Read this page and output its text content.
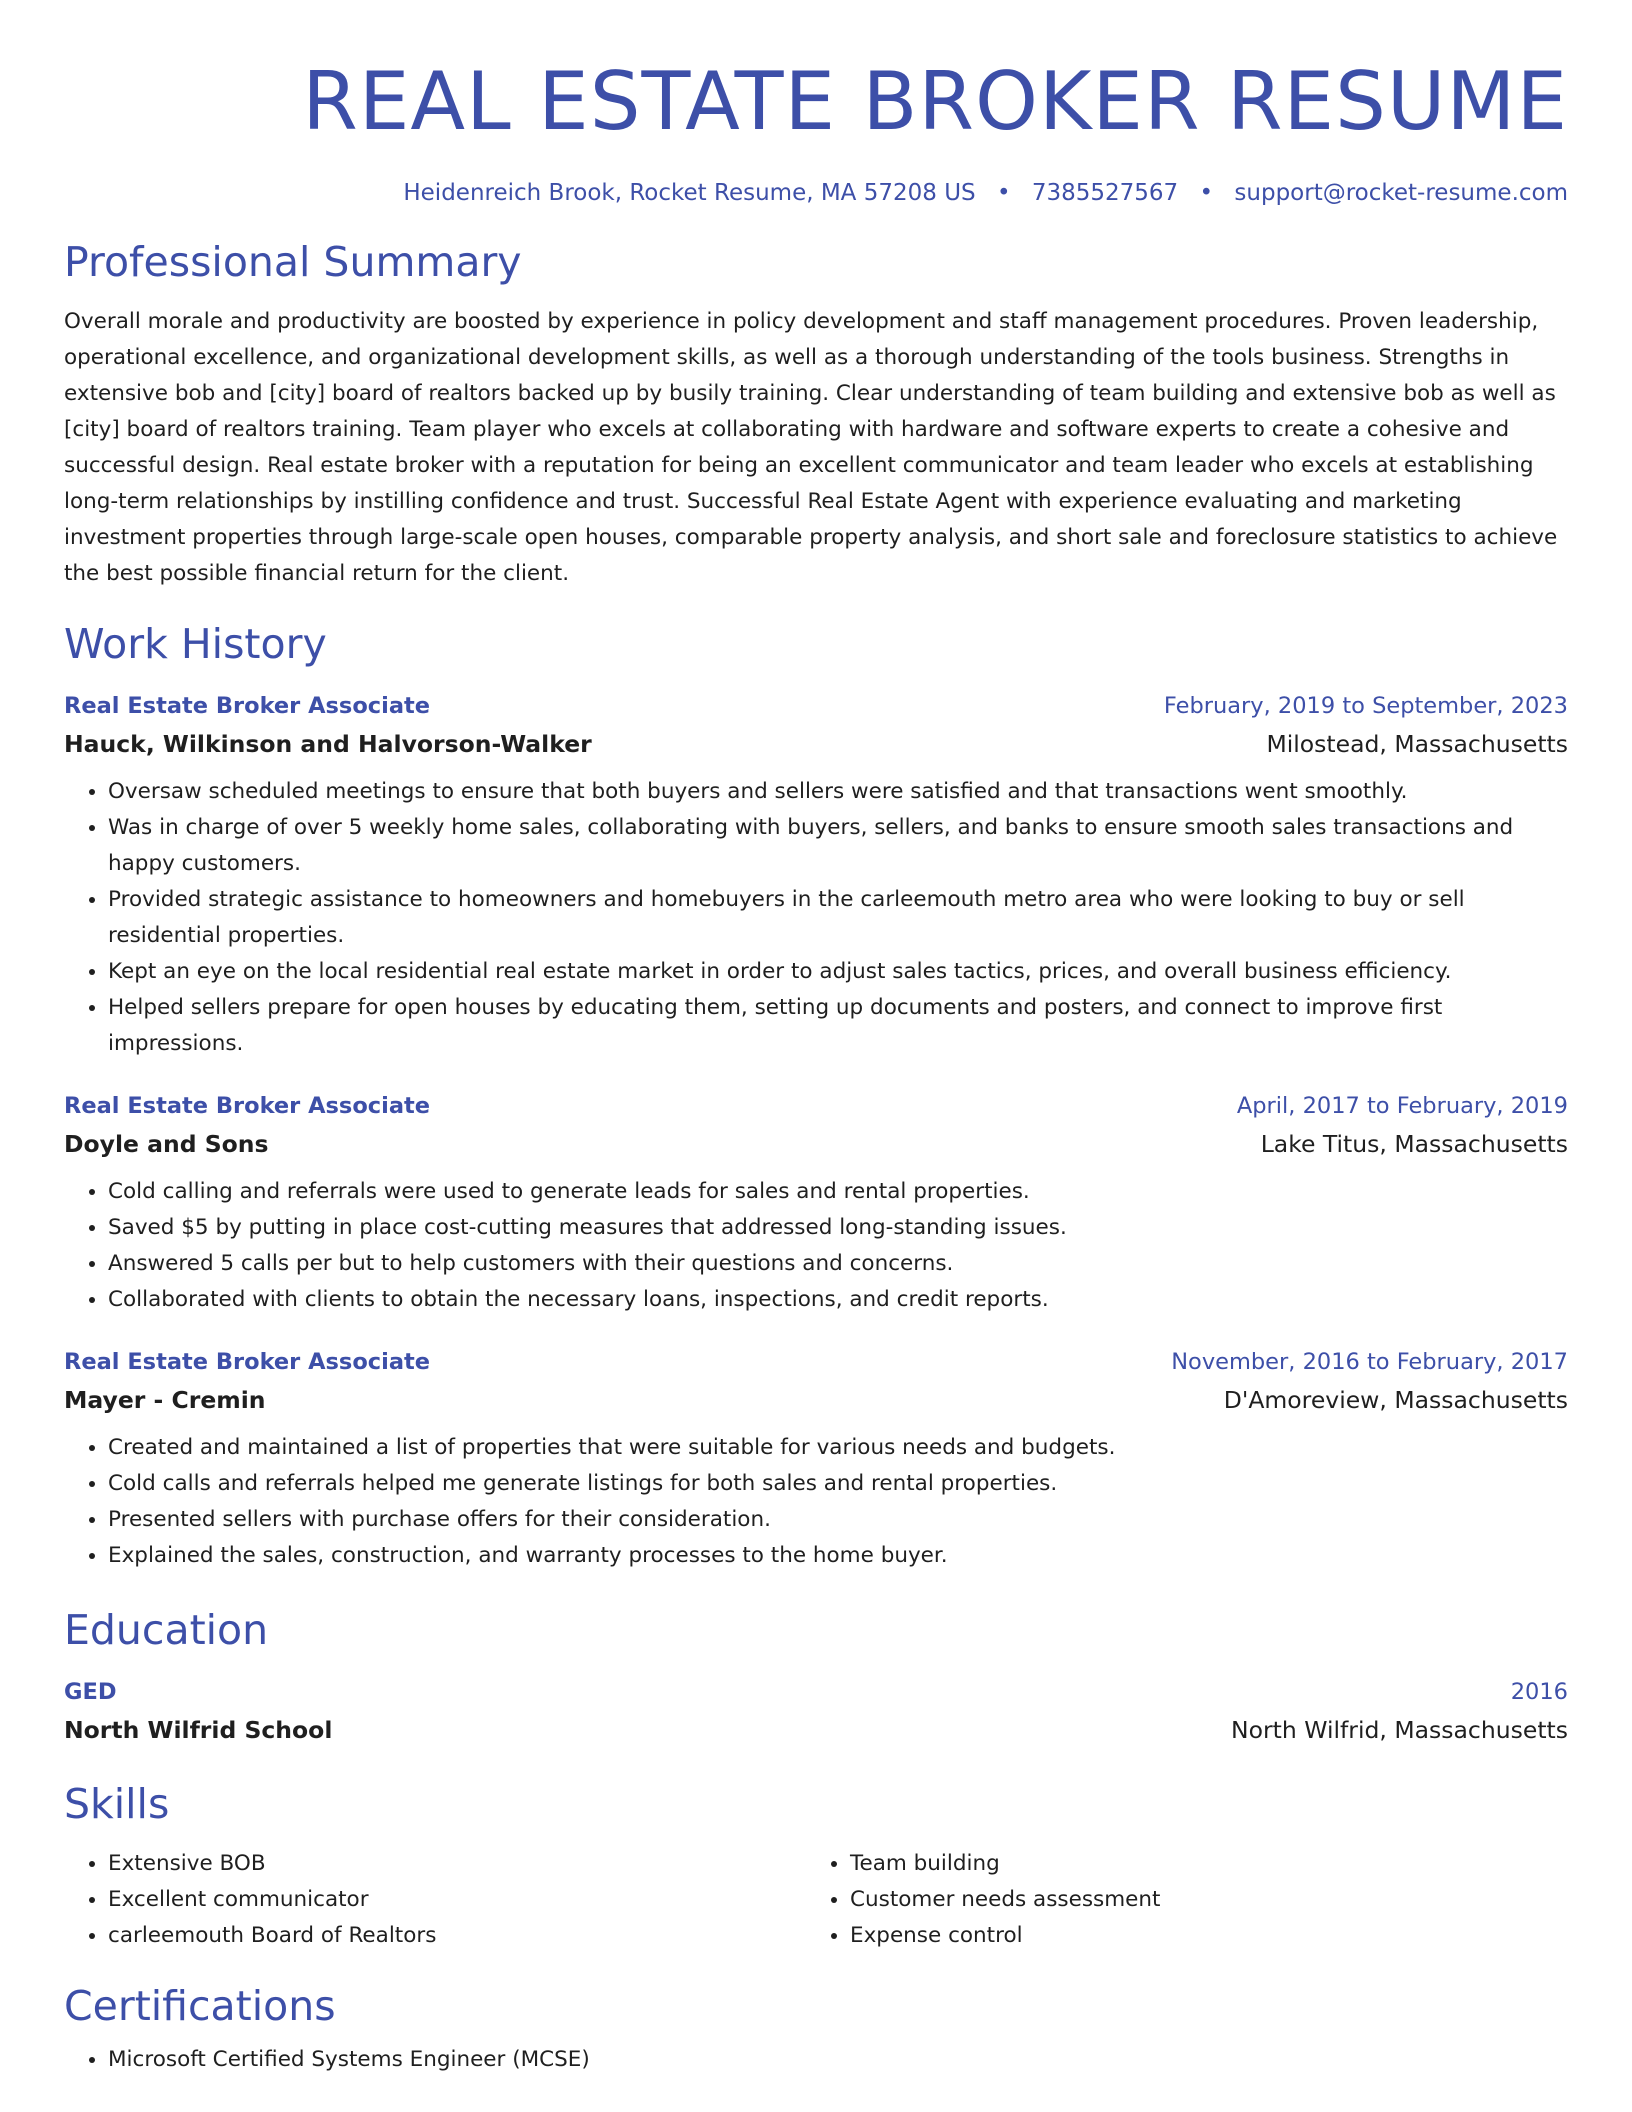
REAL ESTATE BROKER RESUME
Heidenreich Brook, Rocket Resume, MA 57208 US • 7385527567 • support@rocket-resume.com
Professional Summary

Overall morale and productivity are boosted by experience in policy development and staff management procedures. Proven leadership, operational excellence, and organizational development skills, as well as a thorough understanding of the tools business. Strengths in extensive bob and [city] board of realtors backed up by busily training. Clear understanding of team building and extensive bob as well as [city] board of realtors training. Team player who excels at collaborating with hardware and software experts to create a cohesive and successful design. Real estate broker with a reputation for being an excellent communicator and team leader who excels at establishing long-term relationships by instilling confidence and trust. Successful Real Estate Agent with experience evaluating and marketing investment properties through large-scale open houses, comparable property analysis, and short sale and foreclosure statistics to achieve the best possible financial return for the client.

Work History
Real Estate Broker Associate	February, 2019 to September, 2023
Hauck, Wilkinson and Halvorson-Walker	Milostead, Massachusetts
• Oversaw scheduled meetings to ensure that both buyers and sellers were satisfied and that transactions went smoothly.
• Was in charge of over 5 weekly home sales, collaborating with buyers, sellers, and banks to ensure smooth sales transactions and happy customers.
• Provided strategic assistance to homeowners and homebuyers in the carleemouth metro area who were looking to buy or sell residential properties.
• Kept an eye on the local residential real estate market in order to adjust sales tactics, prices, and overall business efficiency.
• Helped sellers prepare for open houses by educating them, setting up documents and posters, and connect to improve first impressions.
Real Estate Broker Associate	April, 2017 to February, 2019
Doyle and Sons	Lake Titus, Massachusetts
• Cold calling and referrals were used to generate leads for sales and rental properties.
• Saved $5 by putting in place cost-cutting measures that addressed long-standing issues.
• Answered 5 calls per but to help customers with their questions and concerns.
• Collaborated with clients to obtain the necessary loans, inspections, and credit reports.
Real Estate Broker Associate	November, 2016 to February, 2017
Mayer - Cremin	D'Amoreview, Massachusetts
• Created and maintained a list of properties that were suitable for various needs and budgets.
• Cold calls and referrals helped me generate listings for both sales and rental properties.
• Presented sellers with purchase offers for their consideration.
• Explained the sales, construction, and warranty processes to the home buyer.
Education
GED	2016
North Wilfrid School	North Wilfrid, Massachusetts
Skills
• Extensive BOB
• Excellent communicator
• carleemouth Board of Realtors
• Team building
• Customer needs assessment
• Expense control
Certifications
• Microsoft Certified Systems Engineer (MCSE)
